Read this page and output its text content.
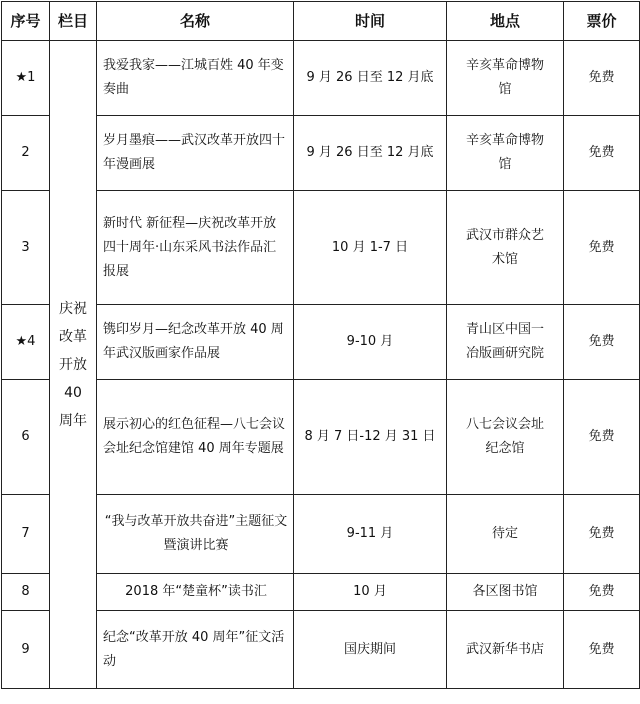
序号	栏目	名称	时间	地点	票价
★1	庆祝改革开放40周年	我爱我家——江城百姓 40 年变奏曲	9 月 26 日至 12 月底	辛亥革命博物馆	免费
2		岁月墨痕——武汉改革开放四十年漫画展	9 月 26 日至 12 月底	辛亥革命博物馆	免费
3		新时代 新征程—庆祝改革开放四十周年·山东采风书法作品汇报展	10 月 1-7 日	武汉市群众艺术馆	免费
★4		镌印岁月—纪念改革开放 40 周年武汉版画家作品展	9-10 月	青山区中国一冶版画研究院	免费
6		展示初心的红色征程—八七会议会址纪念馆建馆 40 周年专题展	8 月 7 日-12 月 31 日	八七会议会址纪念馆	免费
7		“我与改革开放共奋进”主题征文暨演讲比赛	9-11 月	待定	免费
8		2018 年“楚童杯”读书汇	10 月	各区图书馆	免费
9		纪念“改革开放 40 周年”征文活动	国庆期间	武汉新华书店	免费
